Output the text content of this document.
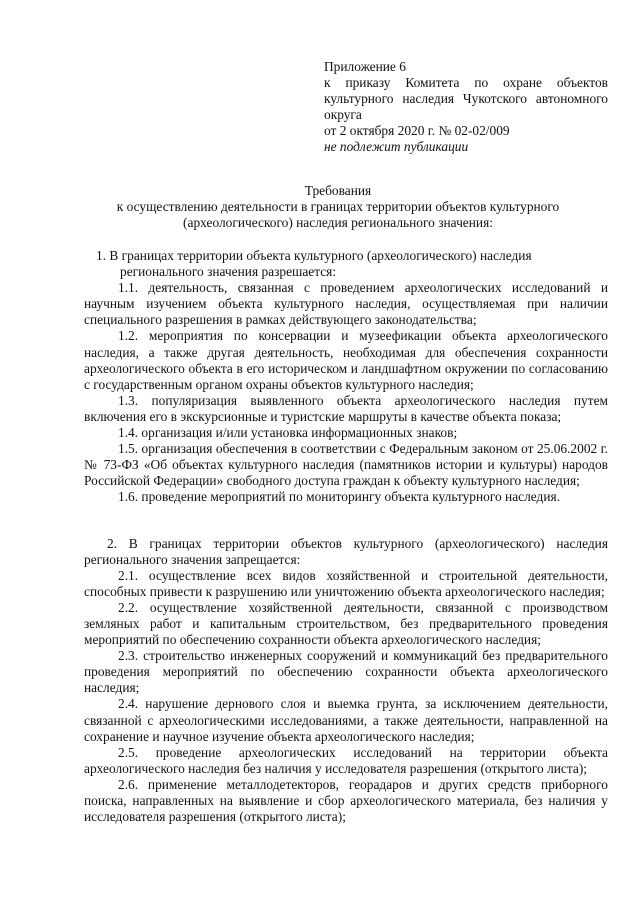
Приложение 6
к приказу Комитета по охране объектов
культурного наследия Чукотского автономного
округа
от 2 октября 2020 г. № 02-02/009
не подлежит публикации
Требования
к осуществлению деятельности в границах территории объектов культурного
(археологического) наследия регионального значения:
1. В границах территории объекта культурного (археологического) наследия
регионального значения разрешается:

1.1. деятельность, связанная с проведением археологических исследований и научным изучением объекта культурного наследия, осуществляемая при наличии специального разрешения в рамках действующего законодательства;

1.2. мероприятия по консервации и музеефикации объекта археологического наследия, а также другая деятельность, необходимая для обеспечения сохранности археологического объекта в его историческом и ландшафтном окружении по согласованию с государственным органом охраны объектов культурного наследия;

1.3. популяризация выявленного объекта археологического наследия путем включения его в экскурсионные и туристские маршруты в качестве объекта показа;

1.4. организация и/или установка информационных знаков;

1.5. организация обеспечения в соответствии с Федеральным законом от 25.06.2002 г. № 73-ФЗ «Об объектах культурного наследия (памятников истории и культуры) народов Российской Федерации» свободного доступа граждан к объекту культурного наследия;

1.6. проведение мероприятий по мониторингу объекта культурного наследия.

2. В границах территории объектов культурного (археологического) наследия регионального значения запрещается:

2.1. осуществление всех видов хозяйственной и строительной деятельности, способных привести к разрушению или уничтожению объекта археологического наследия;

2.2. осуществление хозяйственной деятельности, связанной с производством земляных работ и капитальным строительством, без предварительного проведения мероприятий по обеспечению сохранности объекта археологического наследия;

2.3. строительство инженерных сооружений и коммуникаций без предварительного проведения мероприятий по обеспечению сохранности объекта археологического наследия;

2.4. нарушение дернового слоя и выемка грунта, за исключением деятельности, связанной с археологическими исследованиями, а также деятельности, направленной на сохранение и научное изучение объекта археологического наследия;

2.5. проведение археологических исследований на территории объекта археологического наследия без наличия у исследователя разрешения (открытого листа);

2.6. применение металлодетекторов, георадаров и других средств приборного поиска, направленных на выявление и сбор археологического материала, без наличия у исследователя разрешения (открытого листа);
